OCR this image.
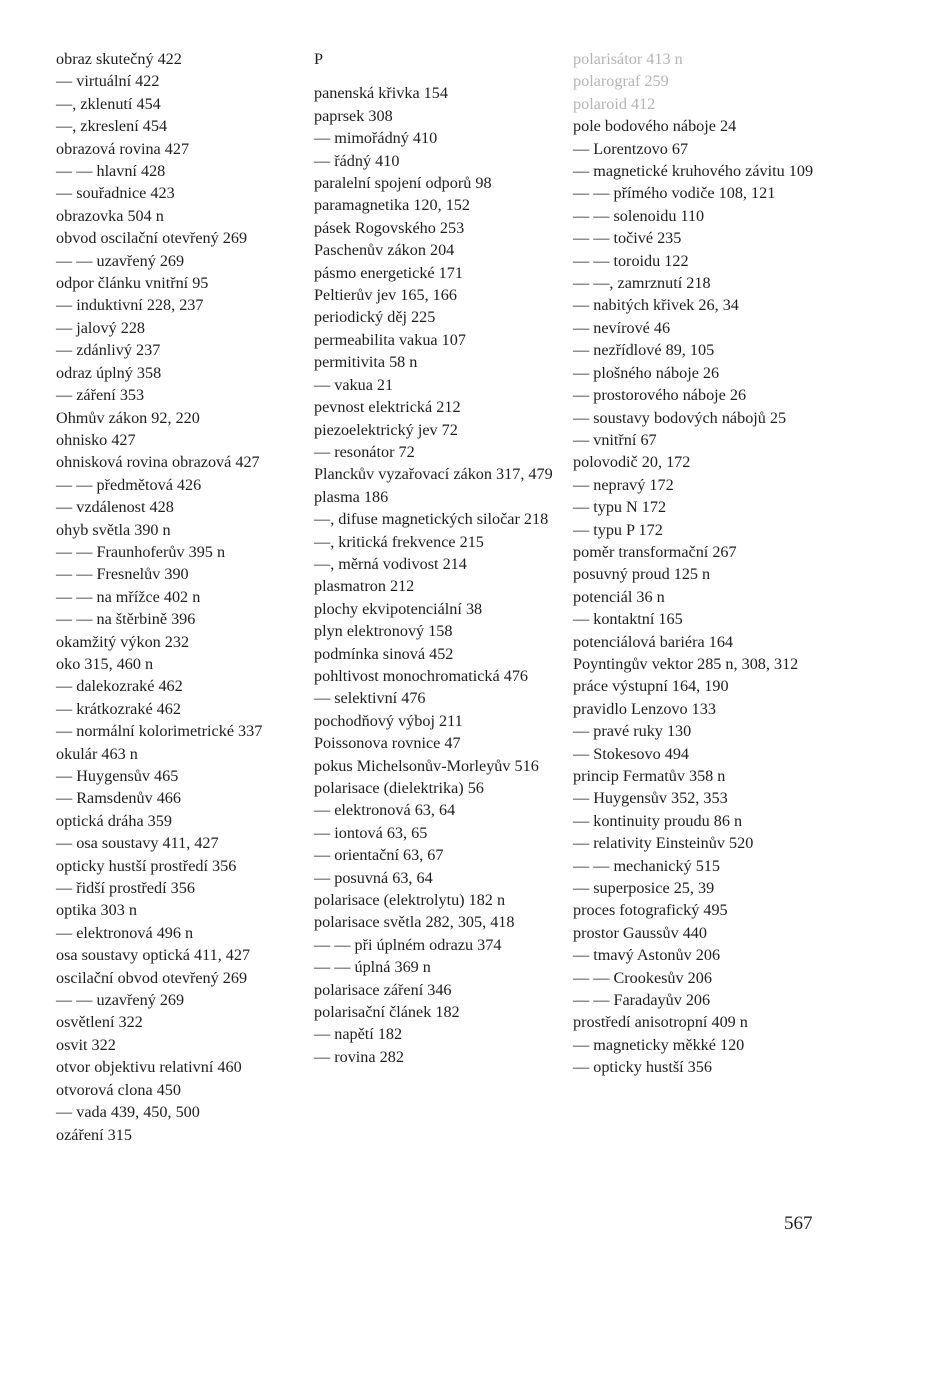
obraz skutečný 422
— virtuální 422
—, zklenutí 454
—, zkreslení 454
obrazová rovina 427
— — hlavní 428
— souřadnice 423
obrazovka 504 n
obvod oscilační otevřený 269
— — uzavřený 269
odpor článku vnitřní 95
— induktivní 228, 237
— jalový 228
— zdánlivý 237
odraz úplný 358
— záření 353
Ohmův zákon 92, 220
ohnisko 427
ohnisková rovina obrazová 427
— — předmětová 426
— vzdálenost 428
ohyb světla 390 n
— — Fraunhoferův 395 n
— — Fresnelův 390
— — na mřížce 402 n
— — na štěrbině 396
okamžitý výkon 232
oko 315, 460 n
— dalekozraké 462
— krátkozraké 462
— normální kolorimetrické 337
okulár 463 n
— Huygensův 465
— Ramsdenův 466
optická dráha 359
— osa soustavy 411, 427
opticky hustší prostředí 356
— řidší prostředí 356
optika 303 n
— elektronová 496 n
osa soustavy optická 411, 427
oscilační obvod otevřený 269
— — uzavřený 269
osvětlení 322
osvit 322
otvor objektivu relativní 460
otvorová clona 450
— vada 439, 450, 500
ozáření 315
P
panenská křivka 154
paprsek 308
— mimořádný 410
— řádný 410
paralelní spojení odporů 98
paramagnetika 120, 152
pásek Rogovského 253
Paschenův zákon 204
pásmo energetické 171
Peltierův jev 165, 166
periodický děj 225
permeabilita vakua 107
permitivita 58 n
— vakua 21
pevnost elektrická 212
piezoelektrický jev 72
— resonátor 72
Planckův vyzařovací zákon 317, 479
plasma 186
—, difuse magnetických siločar 218
—, kritická frekvence 215
—, měrná vodivost 214
plasmatron 212
plochy ekvipotenciální 38
plyn elektronový 158
podmínka sinová 452
pohltivost monochromatická 476
— selektivní 476
pochodňový výboj 211
Poissonova rovnice 47
pokus Michelsonův-Morleyův 516
polarisace (dielektrika) 56
— elektronová 63, 64
— iontová 63, 65
— orientační 63, 67
— posuvná 63, 64
polarisace (elektrolytu) 182 n
polarisace světla 282, 305, 418
— — při úplném odrazu 374
— — úplná 369 n
polarisace záření 346
polarisační článek 182
— napětí 182
— rovina 282
polarisátor 413 n
polarograf 259
polaroid 412
pole bodového náboje 24
— Lorentzovo 67
— magnetické kruhového závitu 109
— — přímého vodiče 108, 121
— — solenoidu 110
— — točivé 235
— — toroidu 122
— —, zamrznutí 218
— nabitých křivek 26, 34
— nevírové 46
— nezřídlové 89, 105
— plošného náboje 26
— prostorového náboje 26
— soustavy bodových nábojů 25
— vnitřní 67
polovodič 20, 172
— nepravý 172
— typu N 172
— typu P 172
poměr transformační 267
posuvný proud 125 n
potenciál 36 n
— kontaktní 165
potenciálová bariéra 164
Poyntingův vektor 285 n, 308, 312
práce výstupní 164, 190
pravidlo Lenzovo 133
— pravé ruky 130
— Stokesovo 494
princip Fermatův 358 n
— Huygensův 352, 353
— kontinuity proudu 86 n
— relativity Einsteinův 520
— — mechanický 515
— superposice 25, 39
proces fotografický 495
prostor Gaussův 440
— tmavý Astonův 206
— — Crookesův 206
— — Faradayův 206
prostředí anisotropní 409 n
— magneticky měkké 120
— opticky hustší 356
567
